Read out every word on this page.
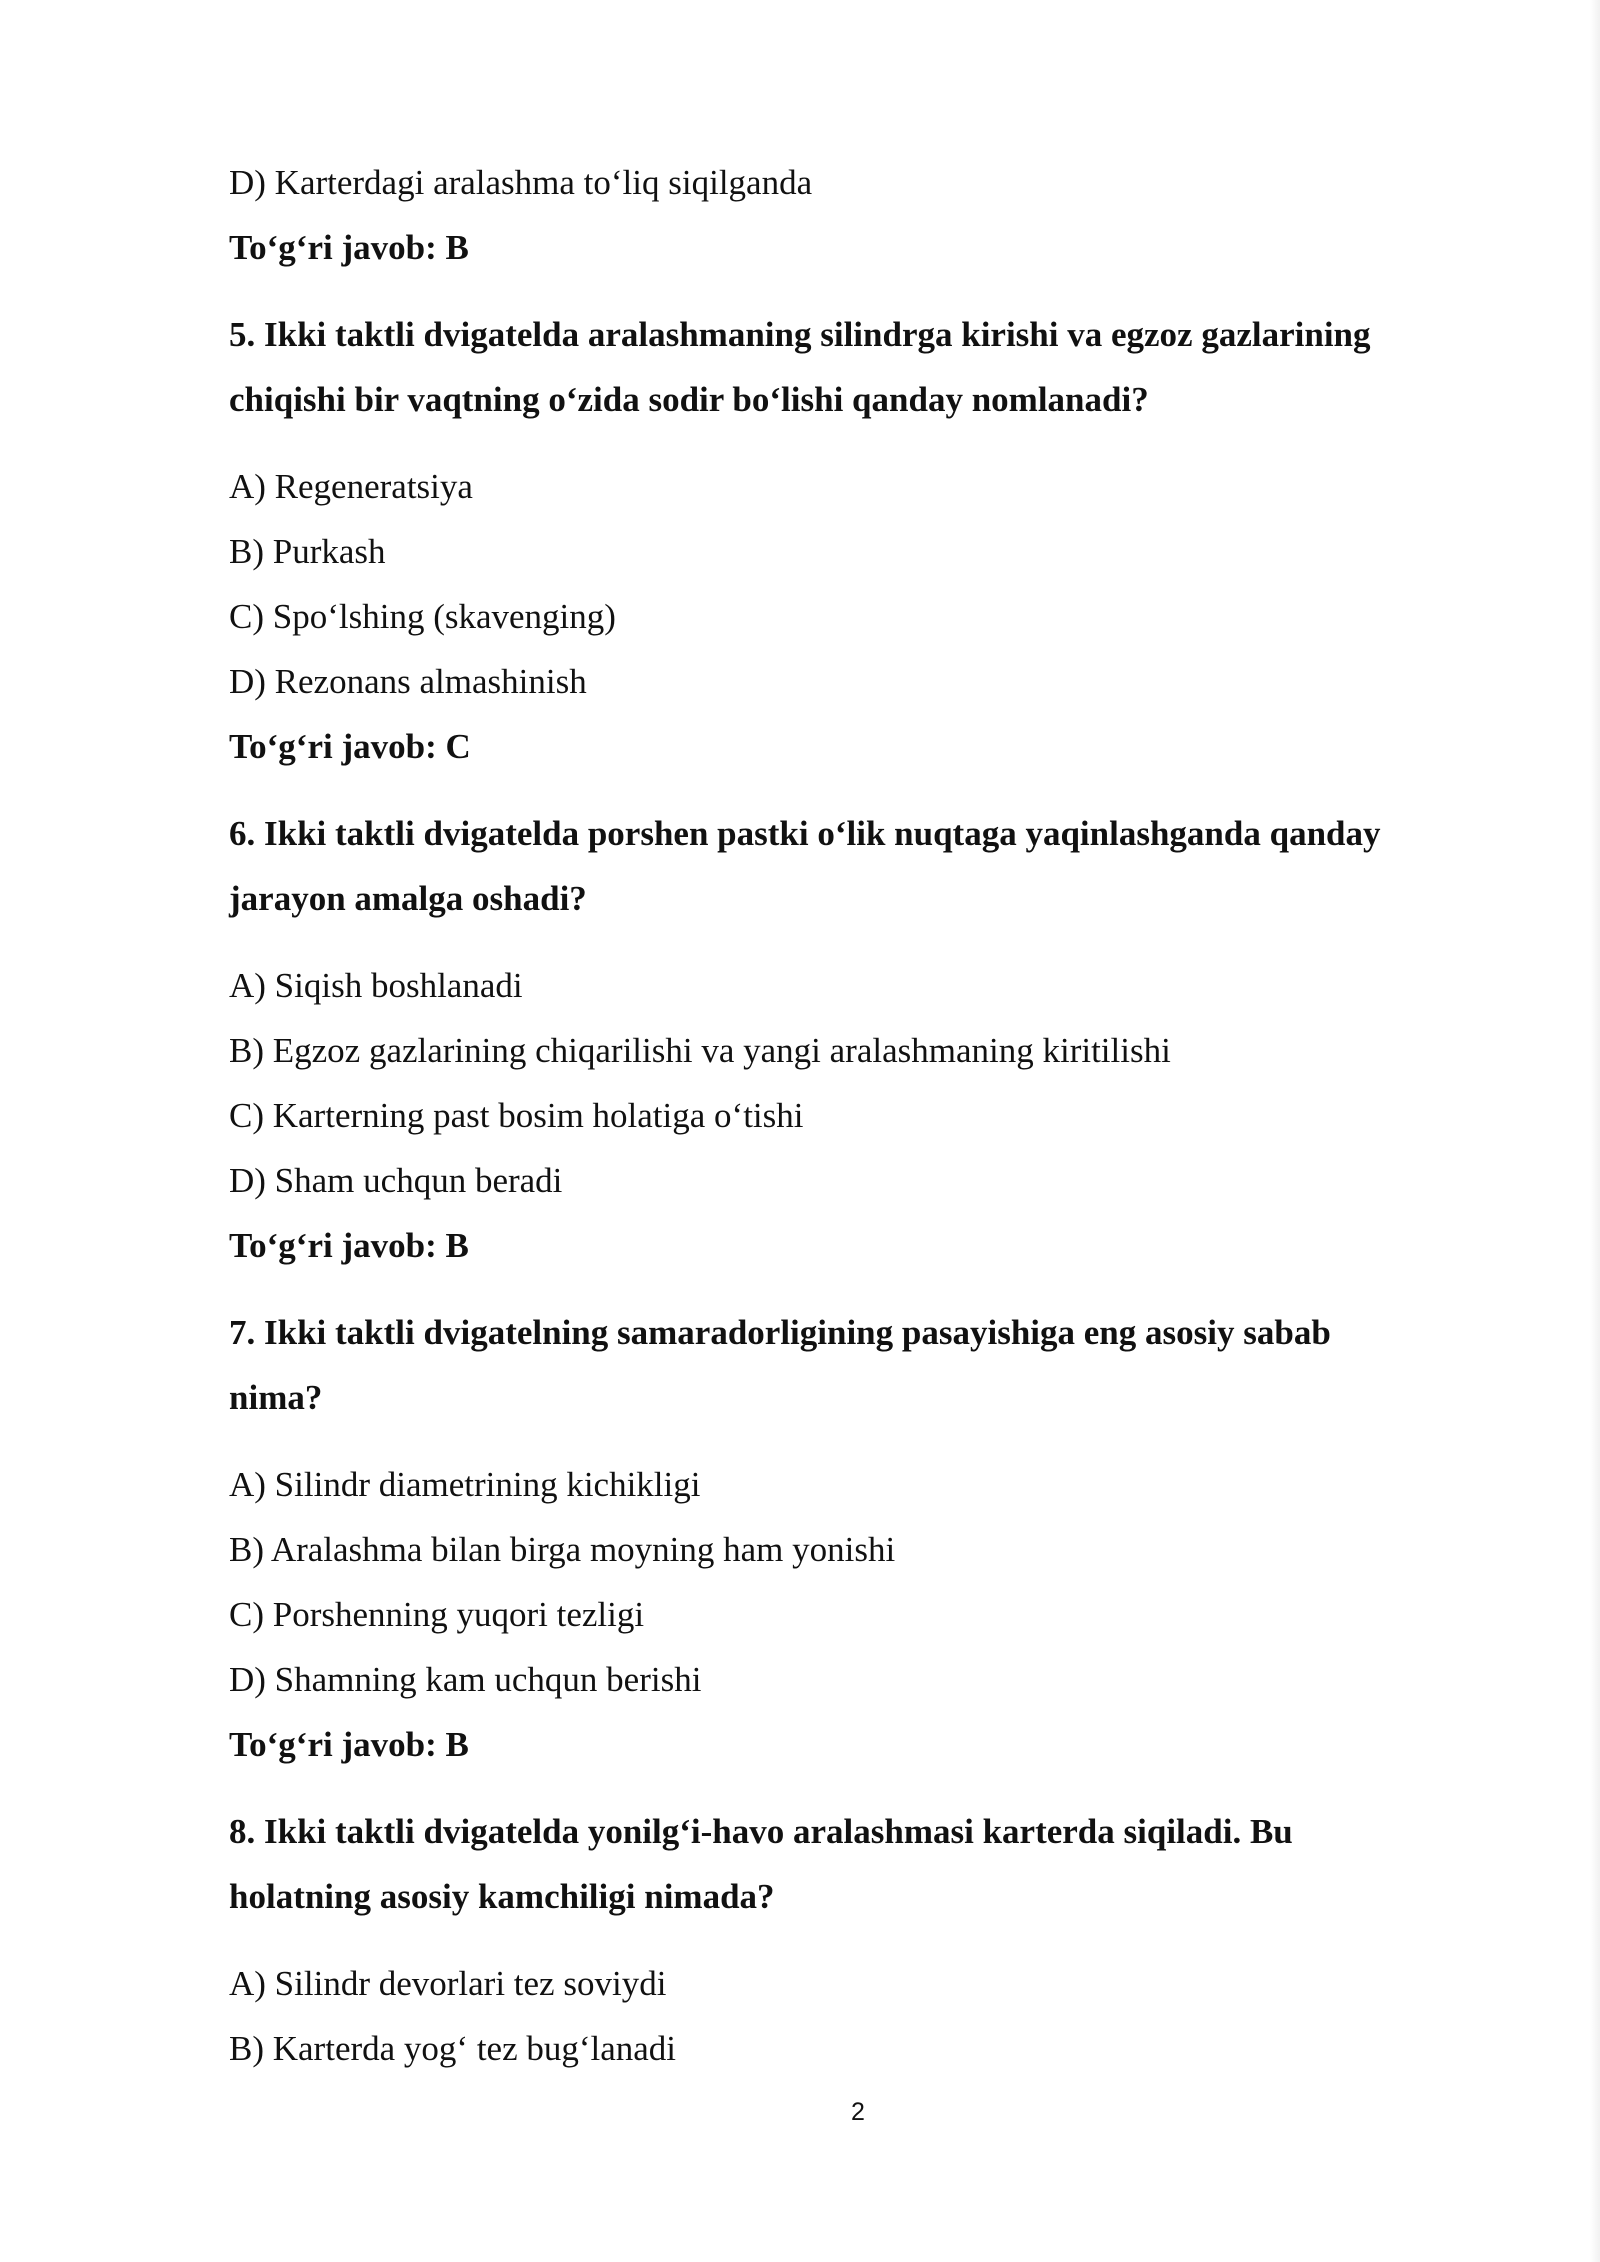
D) Karterdagi aralashma to‘liq siqilganda
To‘g‘ri javob: B
5. Ikki taktli dvigatelda aralashmaning silindrga kirishi va egzoz gazlarining
chiqishi bir vaqtning o‘zida sodir bo‘lishi qanday nomlanadi?
A) Regeneratsiya
B) Purkash
C) Spo‘lshing (skavenging)
D) Rezonans almashinish
To‘g‘ri javob: C
6. Ikki taktli dvigatelda porshen pastki o‘lik nuqtaga yaqinlashganda qanday
jarayon amalga oshadi?
A) Siqish boshlanadi
B) Egzoz gazlarining chiqarilishi va yangi aralashmaning kiritilishi
C) Karterning past bosim holatiga o‘tishi
D) Sham uchqun beradi
To‘g‘ri javob: B
7. Ikki taktli dvigatelning samaradorligining pasayishiga eng asosiy sabab
nima?
A) Silindr diametrining kichikligi
B) Aralashma bilan birga moyning ham yonishi
C) Porshenning yuqori tezligi
D) Shamning kam uchqun berishi
To‘g‘ri javob: B
8. Ikki taktli dvigatelda yonilg‘i-havo aralashmasi karterda siqiladi. Bu
holatning asosiy kamchiligi nimada?
A) Silindr devorlari tez soviydi
B) Karterda yog‘ tez bug‘lanadi
2
